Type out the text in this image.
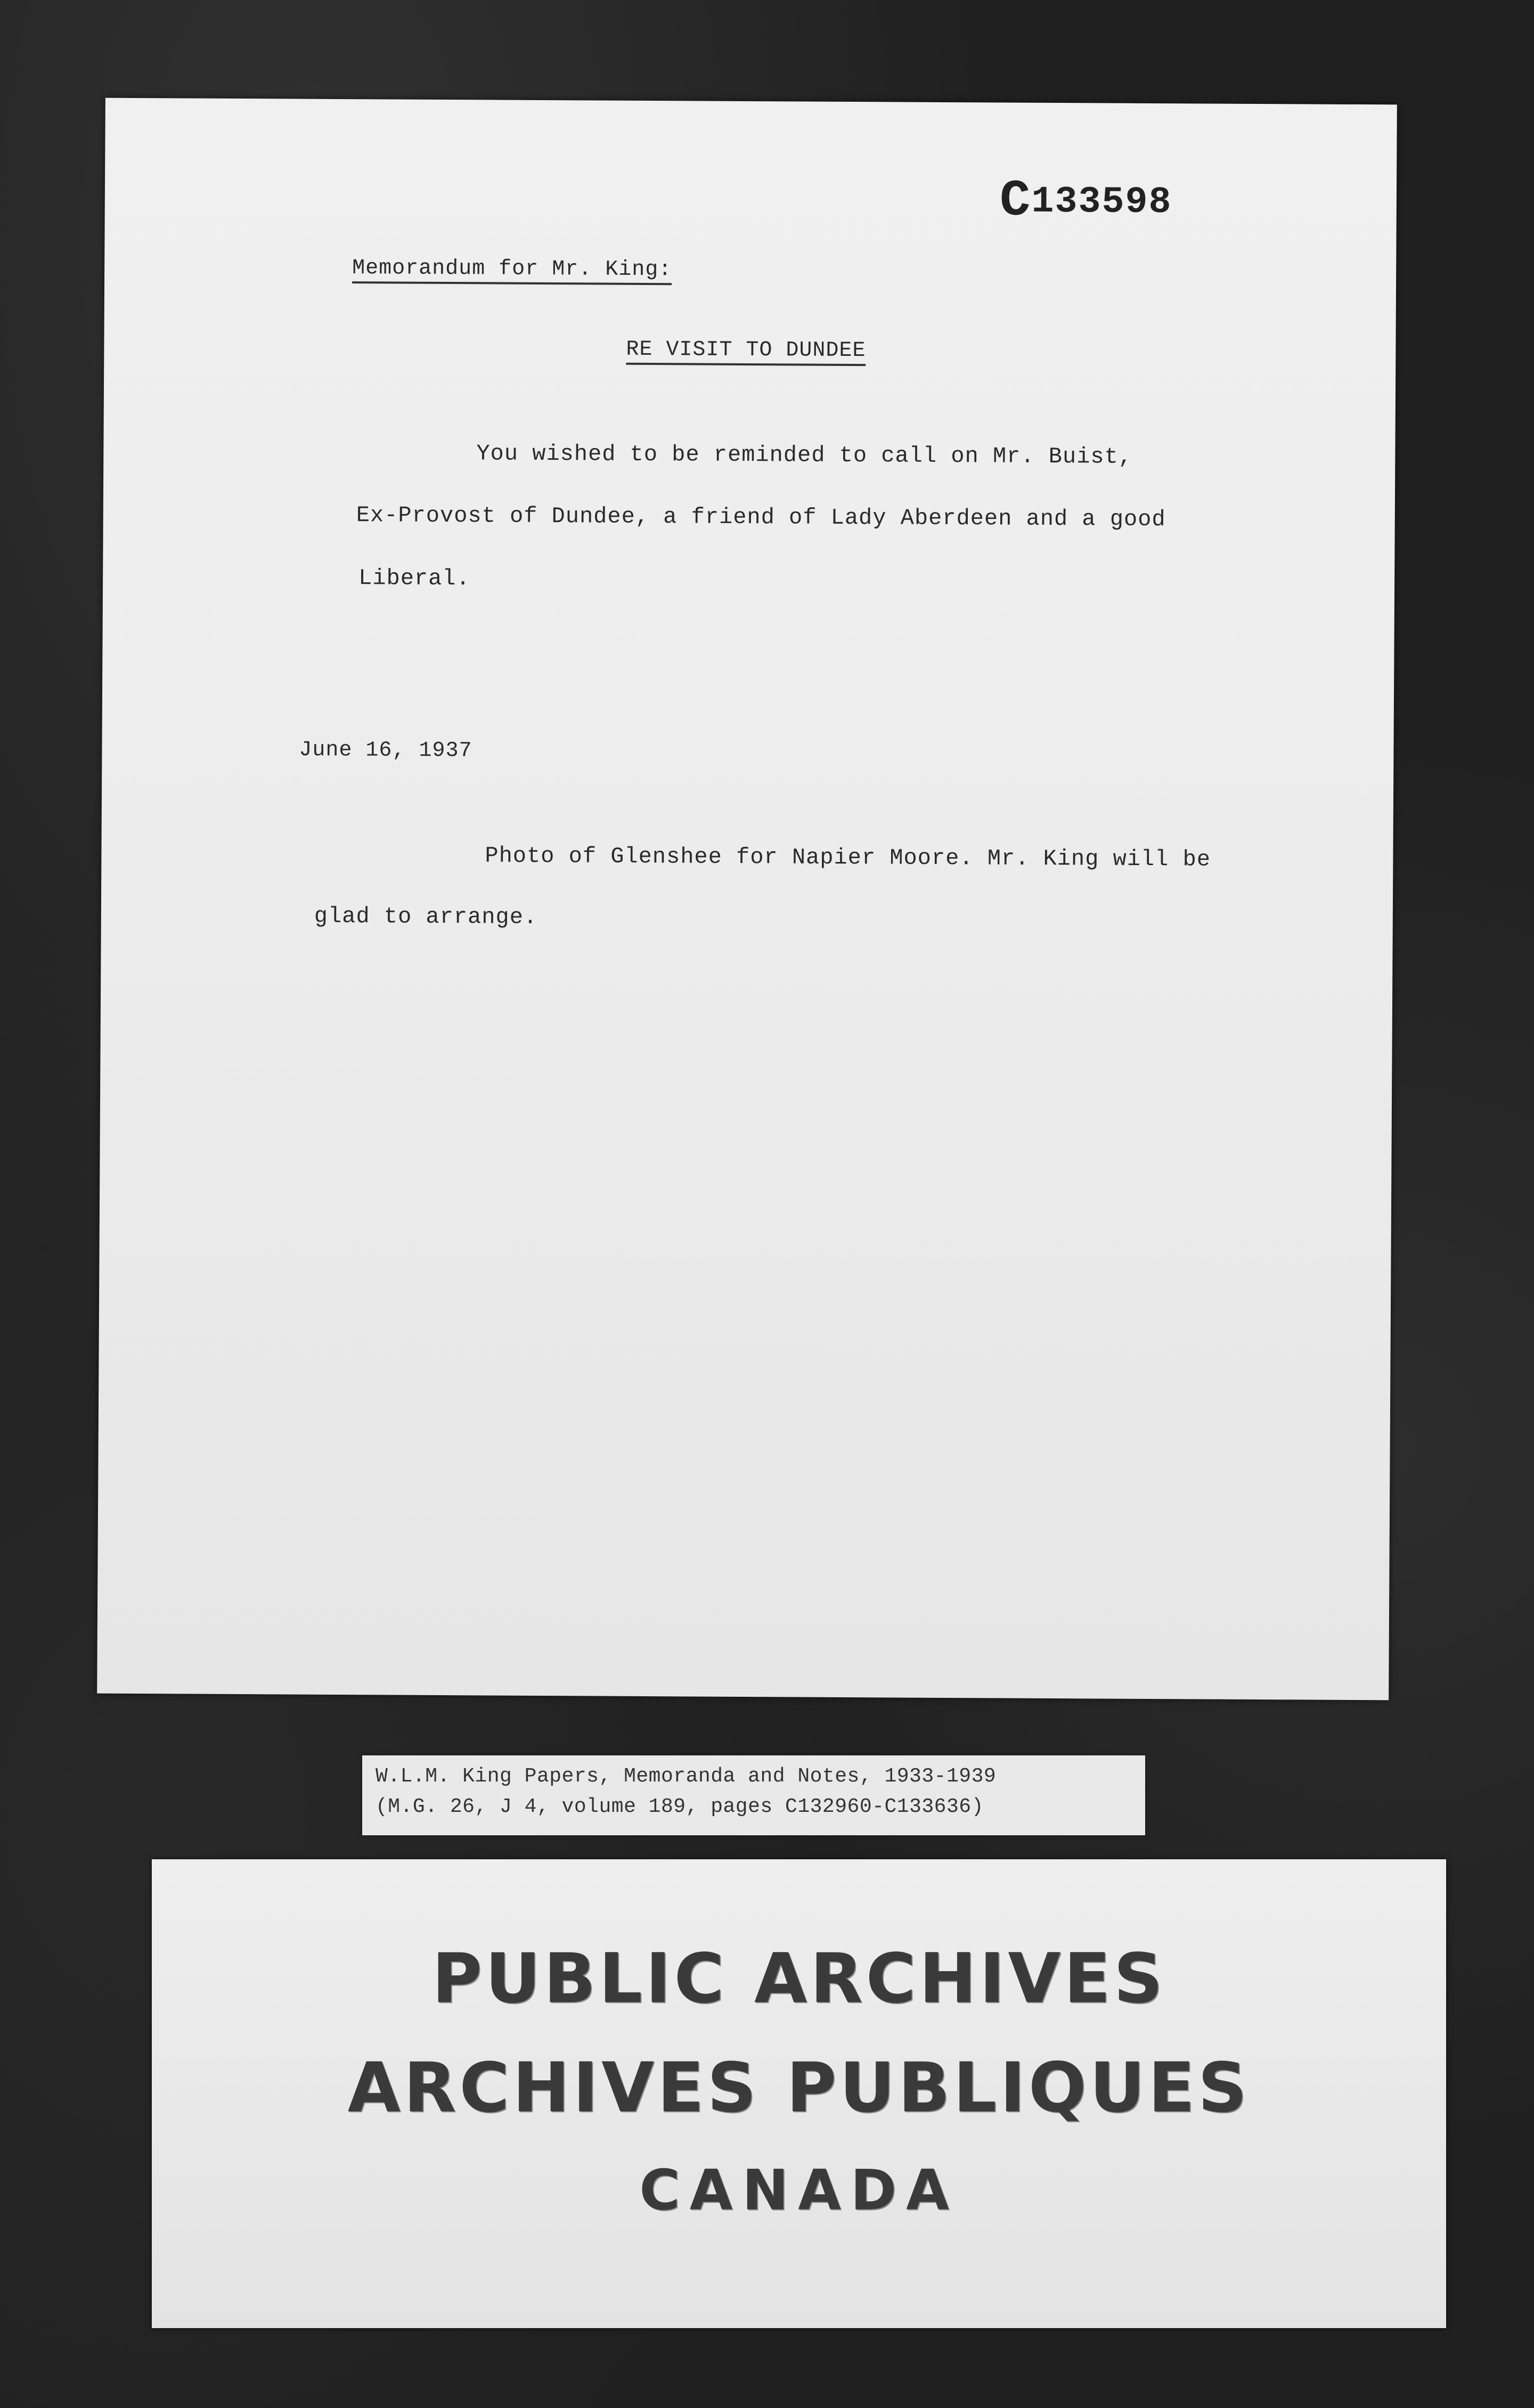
C133598
Memorandum for Mr. King:
RE VISIT TO DUNDEE
You wished to be reminded to call on Mr. Buist,
Ex-Provost of Dundee, a friend of Lady Aberdeen and a good
Liberal.
June 16, 1937
Photo of Glenshee for Napier Moore. Mr. King will be
glad to arrange.
W.L.M. King Papers, Memoranda and Notes, 1933-1939
(M.G. 26, J 4, volume 189, pages C132960-C133636)
PUBLIC ARCHIVES
ARCHIVES PUBLIQUES
CANADA
